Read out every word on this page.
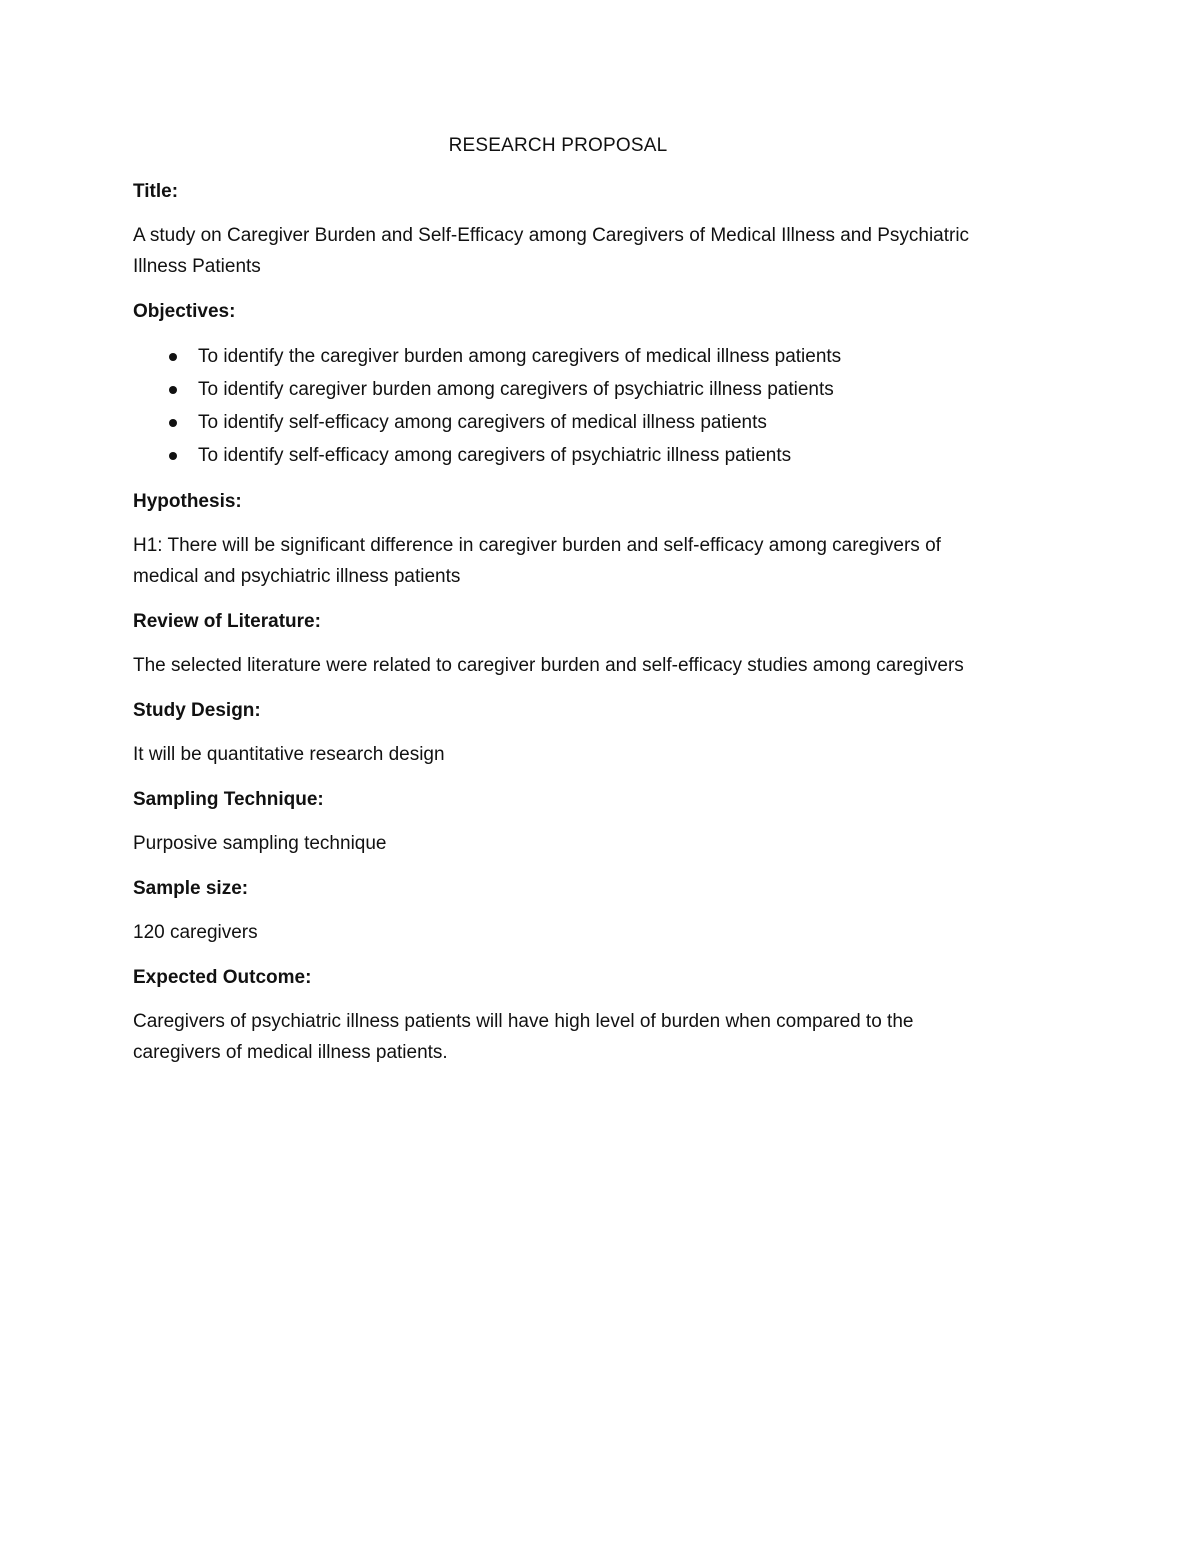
RESEARCH PROPOSAL
Title:
A study on Caregiver Burden and Self-Efficacy among Caregivers of Medical Illness and Psychiatric Illness Patients
Objectives:
To identify the caregiver burden among caregivers of medical illness patients
To identify caregiver burden among caregivers of psychiatric illness patients
To identify self-efficacy among caregivers of medical illness patients
To identify self-efficacy among caregivers of psychiatric illness patients
Hypothesis:
H1: There will be significant difference in caregiver burden and self-efficacy among caregivers of medical and psychiatric illness patients
Review of Literature:
The selected literature were related to caregiver burden and self-efficacy studies among caregivers
Study Design:
It will be quantitative research design
Sampling Technique:
Purposive sampling technique
Sample size:
120 caregivers
Expected Outcome:
Caregivers of psychiatric illness patients will have high level of burden when compared to the caregivers of medical illness patients.
